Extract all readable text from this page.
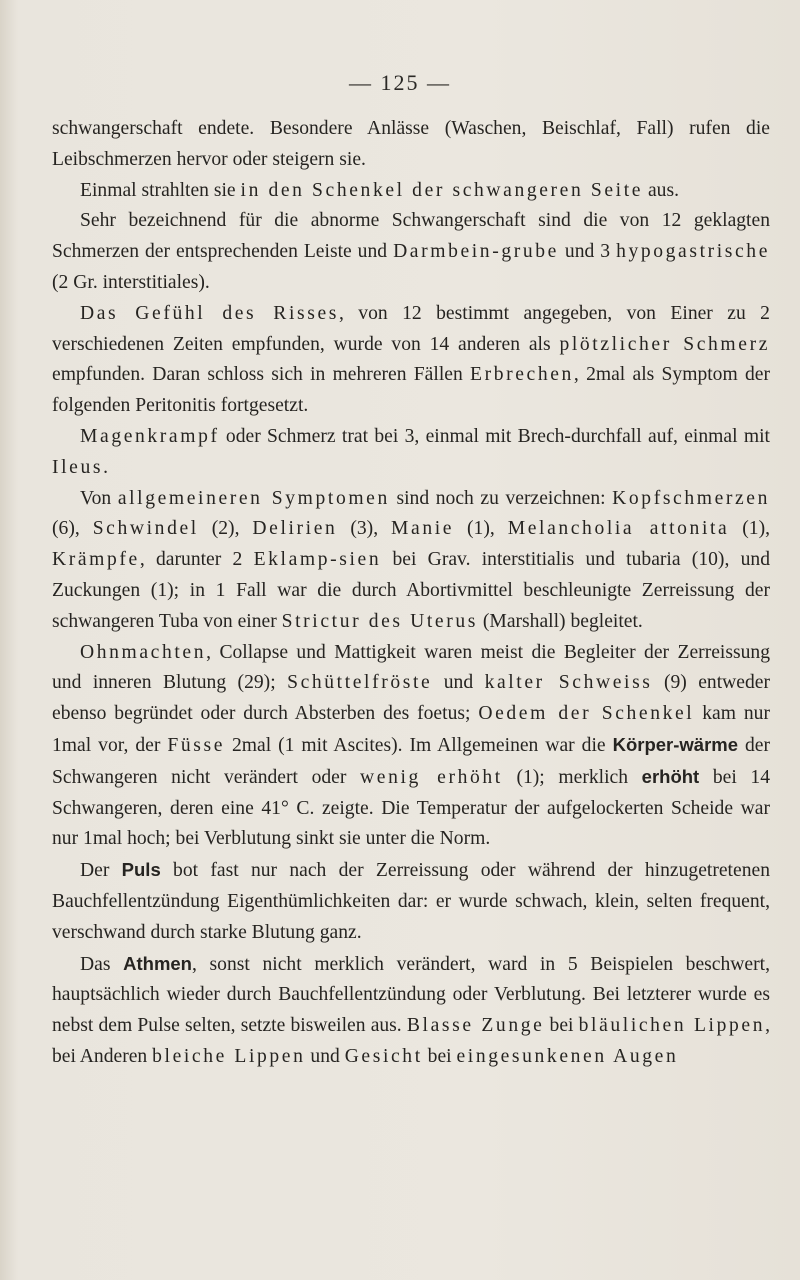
— 125 —

schwangerschaft endete. Besondere Anlässe (Waschen, Beischlaf, Fall) rufen die Leibschmerzen hervor oder steigern sie.

Einmal strahlten sie in den Schenkel der schwangeren Seite aus.

Sehr bezeichnend für die abnorme Schwangerschaft sind die von 12 geklagten Schmerzen der entsprechenden Leiste und Darmbein-grube und 3 hypogastrische (2 Gr. interstitiales).

Das Gefühl des Risses, von 12 bestimmt angegeben, von Einer zu 2 verschiedenen Zeiten empfunden, wurde von 14 anderen als plötzlicher Schmerz empfunden. Daran schloss sich in mehreren Fällen Erbrechen, 2mal als Symptom der folgenden Peritonitis fortgesetzt.

Magenkrampf oder Schmerz trat bei 3, einmal mit Brech-durchfall auf, einmal mit Ileus.

Von allgemeineren Symptomen sind noch zu verzeichnen: Kopfschmerzen (6), Schwindel (2), Delirien (3), Manie (1), Melancholia attonita (1), Krämpfe, darunter 2 Eklamp-sien bei Grav. interstitialis und tubaria (10), und Zuckungen (1); in 1 Fall war die durch Abortivmittel beschleunigte Zerreissung der schwangeren Tuba von einer Strictur des Uterus (Marshall) begleitet.

Ohnmachten, Collapse und Mattigkeit waren meist die Begleiter der Zerreissung und inneren Blutung (29); Schüttelfröste und kalter Schweiss (9) entweder ebenso begründet oder durch Absterben des foetus; Oedem der Schenkel kam nur 1mal vor, der Füsse 2mal (1 mit Ascites). Im Allgemeinen war die Körper-wärme der Schwangeren nicht verändert oder wenig erhöht (1); merklich erhöht bei 14 Schwangeren, deren eine 41° C. zeigte. Die Temperatur der aufgelockerten Scheide war nur 1mal hoch; bei Verblutung sinkt sie unter die Norm.

Der Puls bot fast nur nach der Zerreissung oder während der hinzugetretenen Bauchfellentzündung Eigenthümlichkeiten dar: er wurde schwach, klein, selten frequent, verschwand durch starke Blutung ganz.

Das Athmen, sonst nicht merklich verändert, ward in 5 Beispielen beschwert, hauptsächlich wieder durch Bauchfellentzündung oder Verblutung. Bei letzterer wurde es nebst dem Pulse selten, setzte bisweilen aus. Blasse Zunge bei bläulichen Lippen, bei Anderen bleiche Lippen und Gesicht bei eingesunkenen Augen
